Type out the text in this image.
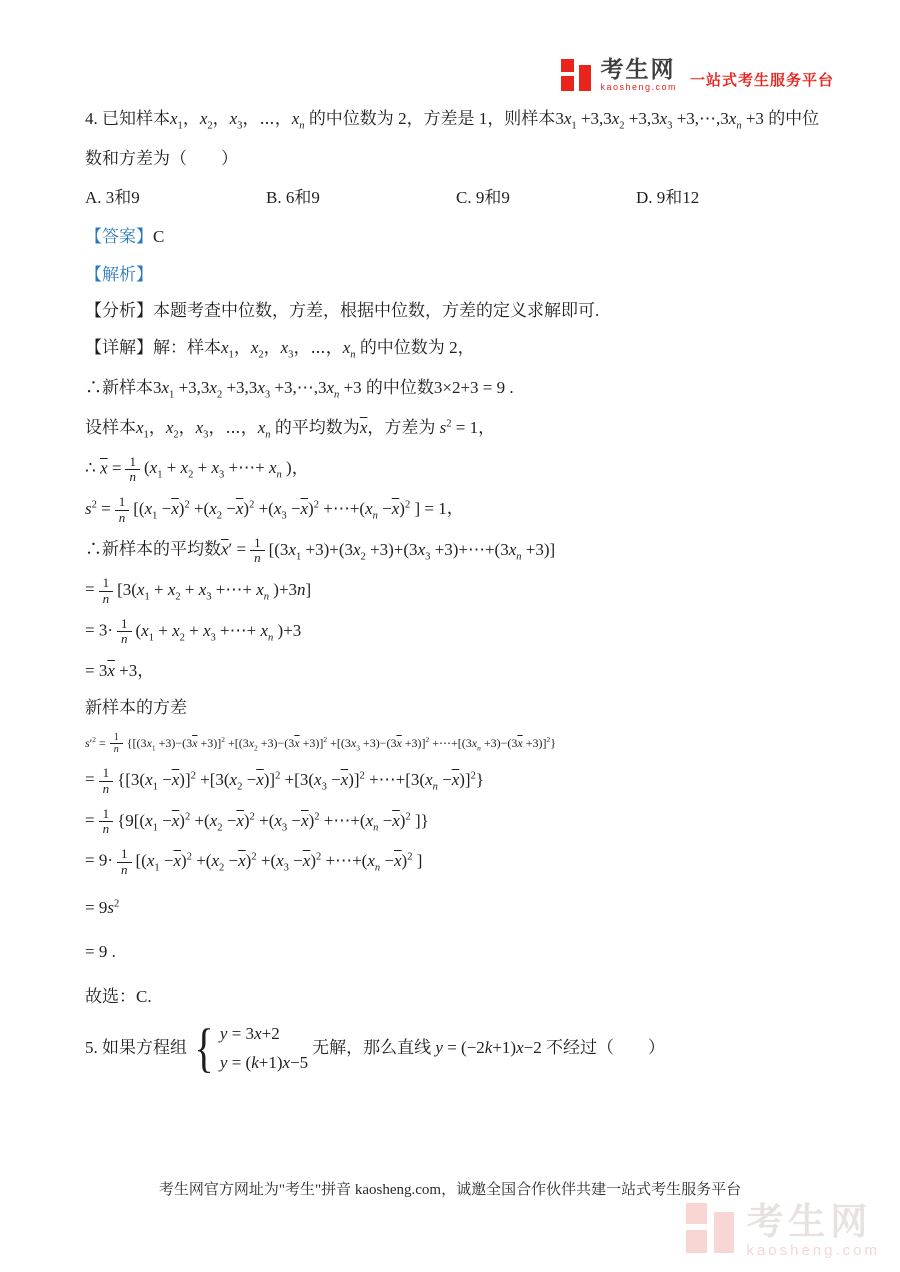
考生网
kaosheng.com 一站式考生服务平台
4. 已知样本$x_1$，$x_2$，$x_3$，⋯，$x_n$ 的中位数为 2，方差是 1，则样本$3x_1 +3,3x_2 +3,3x_3$ $+3,\cdots,3x_n +3$ 的中位
数和方差为（　　）
A. 3和9	B. 6和9	C. 9和9	D. 9和12
【答案】C
【解析】
【分析】本题考查中位数，方差，根据中位数，方差的定义求解即可.
【详解】解：样本$x_1$，$x_2$，$x_3$，⋯，$x_n$ 的中位数为 2，
∴新样本$3x_1 +3,3x_2 +3,3x_3$ $+3,\cdots,3x_n +3$ 的中位数3×2+3 = 9 .
设样本$x_1$，$x_2$，$x_3$，⋯，$x_n$ 的平均数为$\overline{x}$，方差为 $s^2 = 1$，
∴ $\overline{x} = \frac{1}{n} (x_1 + x_2 + x_3$ +⋯+ $x_n$ )，
$s^2 = \frac{1}{n} [(x_1 -\overline{x})^2 +(x_2 -\overline{x})^2 +(x_3 -\overline{x})^2$ $+\cdots+(x_n -\overline{x})^2$ ] = 1，
∴新样本的平均数$\overline{x}' = \frac{1}{n} [(3x_1 +3)+(3x_2 +3)+(3x_3$ $+3)+\cdots+(3x_n +3)$]
= $\frac{1}{n} [3(x_1 + x_2 + x_3$ +⋯+ $x_n$ )+3n]
= $3\cdot \frac{1}{n} (x_1 + x_2 + x_3$ +⋯+ $x_n$ )+3
= $3\overline{x} +3$，
新样本的方差
$s'^2 = \frac{1}{n} \{[(3x_1 +3)-(3\overline{x} +3)]^2 +[(3x_2 +3)-(3\overline{x} +3)]^2 +[(3x_3 +3)-(3\overline{x} +3)]^2$ $+\cdots+[(3x_n +3)-(3\overline{x} +3)]^2$}
= $\frac{1}{n} \{[3(x_1 -\overline{x})]^2 +[3(x_2 -\overline{x})]^2 +[3(x_3 -\overline{x})]^2$ $+\cdots+[3(x_n -\overline{x})]^2$}
= $\frac{1}{n} \{9[(x_1 -\overline{x})^2 +(x_2 -\overline{x})^2 +(x_3 -\overline{x})^2$ $+\cdots+(x_n -\overline{x})^2$ ]}
= $9\cdot \frac{1}{n} [(x_1 -\overline{x})^2 +(x_2 -\overline{x})^2 +(x_3 -\overline{x})^2$ $+\cdots+(x_n -\overline{x})^2$ ]
= $9s^2$
= 9 .
故选：C.
5. 如果方程组 { y = 3x+2
y = (k+1)x−5
无解，那么直线 y = (−2k+1)x−2 不经过（　　）
考生网官方网址为"考生"拼音 kaosheng.com，诚邀全国合作伙伴共建一站式考生服务平台
考生网
kaosheng.com
